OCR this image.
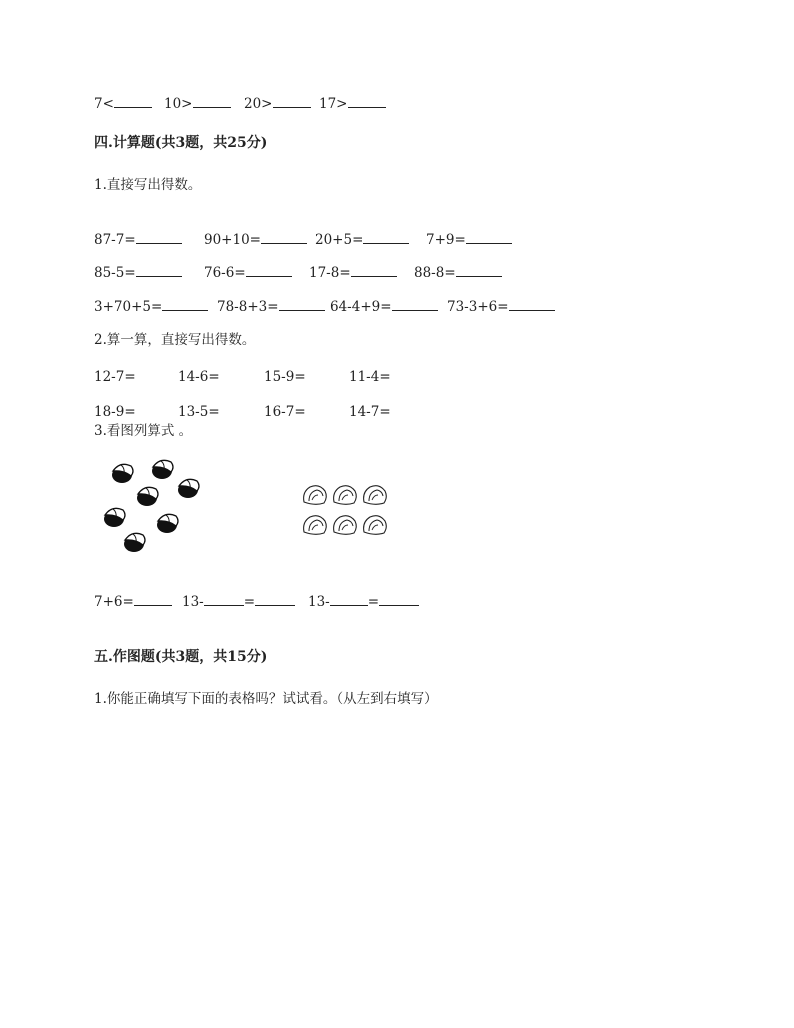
7<	10>	20>	17>
四.计算题(共3题，共25分)
1.直接写出得数。
87-7=	90+10=	20+5=	7+9=
85-5=	76-6=	17-8=	88-8=
3+70+5=	78-8+3=	64-4+9=	73-3+6=
2.算一算，直接写出得数。
12-7=	14-6=	15-9=	11-4=
18-9=	13-5=	16-7=	14-7=
3.看图列算式 。
7+6=	13-	=	13-	=
五.作图题(共3题，共15分)
1.你能正确填写下面的表格吗？试试看。（从左到右填写）
